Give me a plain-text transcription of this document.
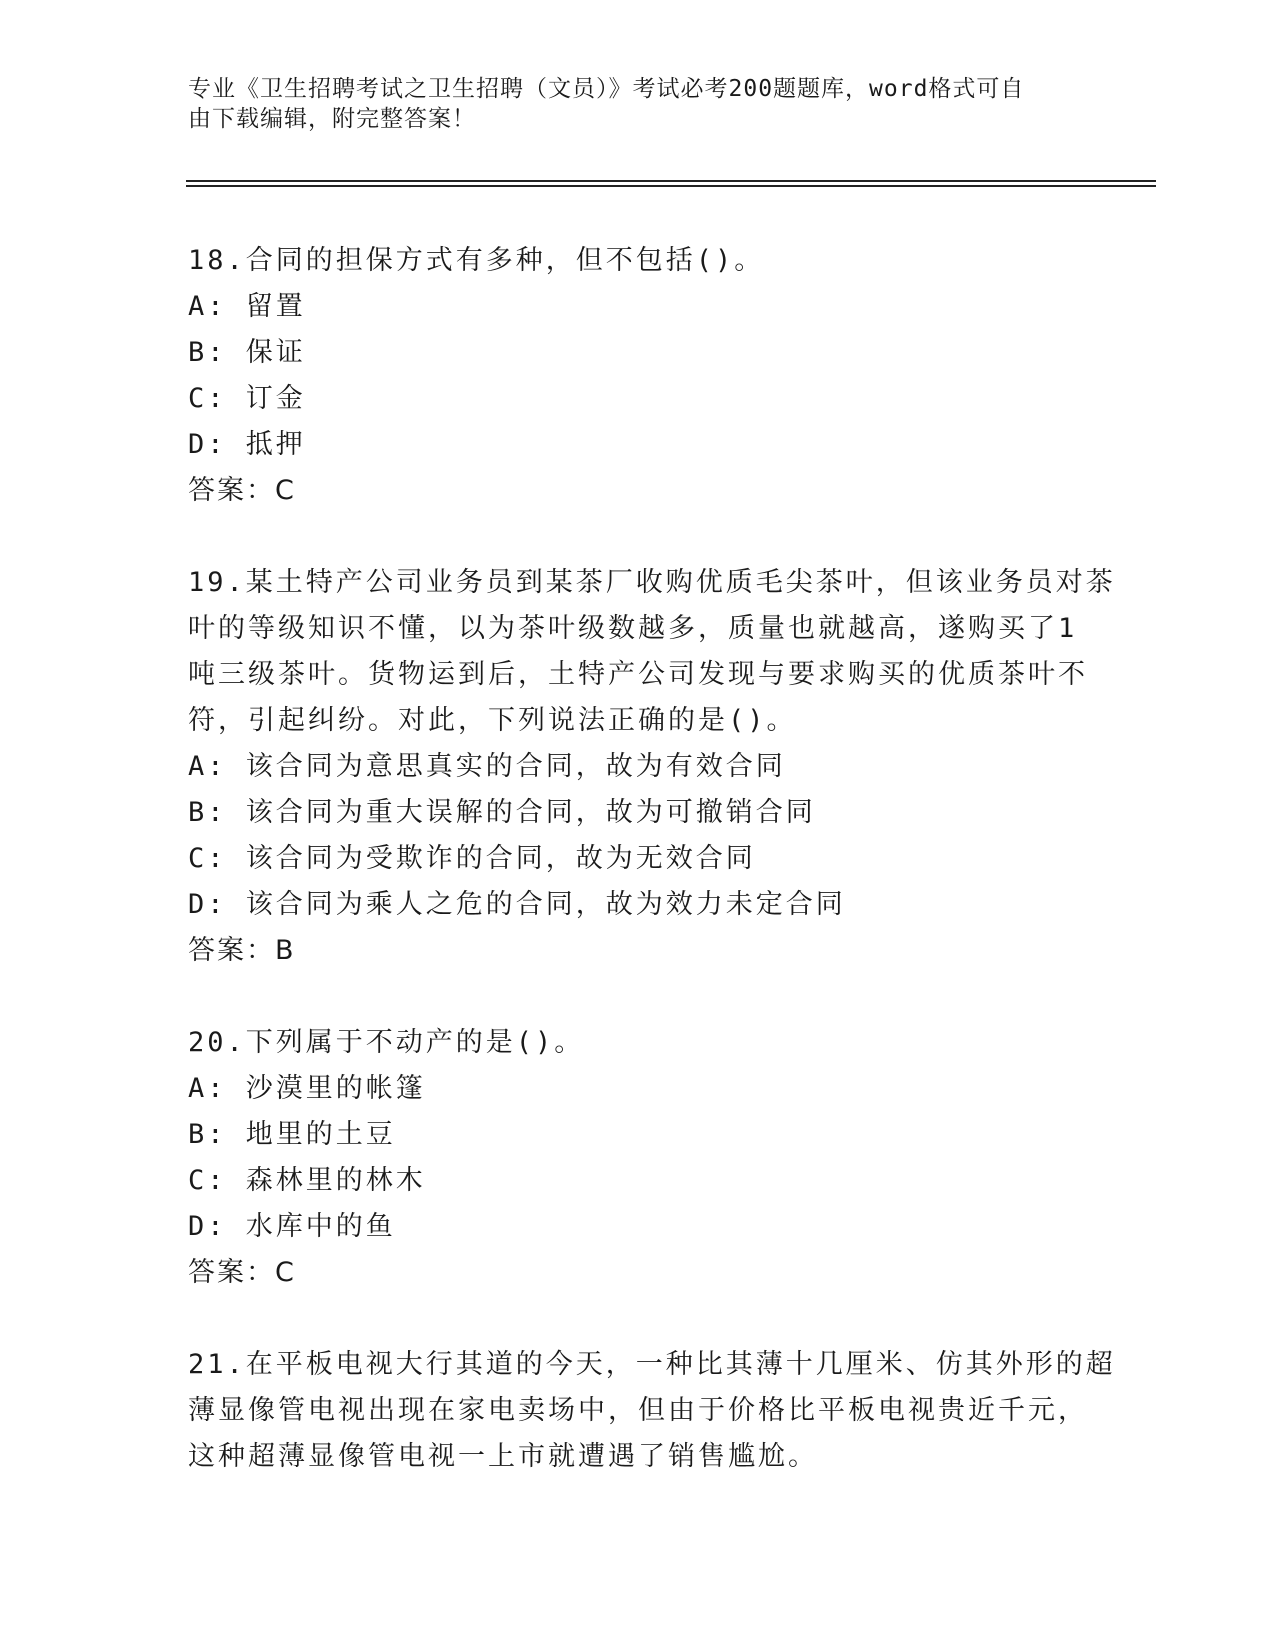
专业《卫生招聘考试之卫生招聘（文员）》考试必考200题题库，word格式可自
由下载编辑，附完整答案！
18.合同的担保方式有多种，但不包括()。
A: 留置
B: 保证
C: 订金
D: 抵押
答案：C
19.某土特产公司业务员到某茶厂收购优质毛尖茶叶，但该业务员对茶
叶的等级知识不懂，以为茶叶级数越多，质量也就越高，遂购买了1
吨三级茶叶。货物运到后，土特产公司发现与要求购买的优质茶叶不
符，引起纠纷。对此，下列说法正确的是()。
A: 该合同为意思真实的合同，故为有效合同
B: 该合同为重大误解的合同，故为可撤销合同
C: 该合同为受欺诈的合同，故为无效合同
D: 该合同为乘人之危的合同，故为效力未定合同
答案：B
20.下列属于不动产的是()。
A: 沙漠里的帐篷
B: 地里的土豆
C: 森林里的林木
D: 水库中的鱼
答案：C
21.在平板电视大行其道的今天，一种比其薄十几厘米、仿其外形的超
薄显像管电视出现在家电卖场中，但由于价格比平板电视贵近千元，
这种超薄显像管电视一上市就遭遇了销售尴尬。
